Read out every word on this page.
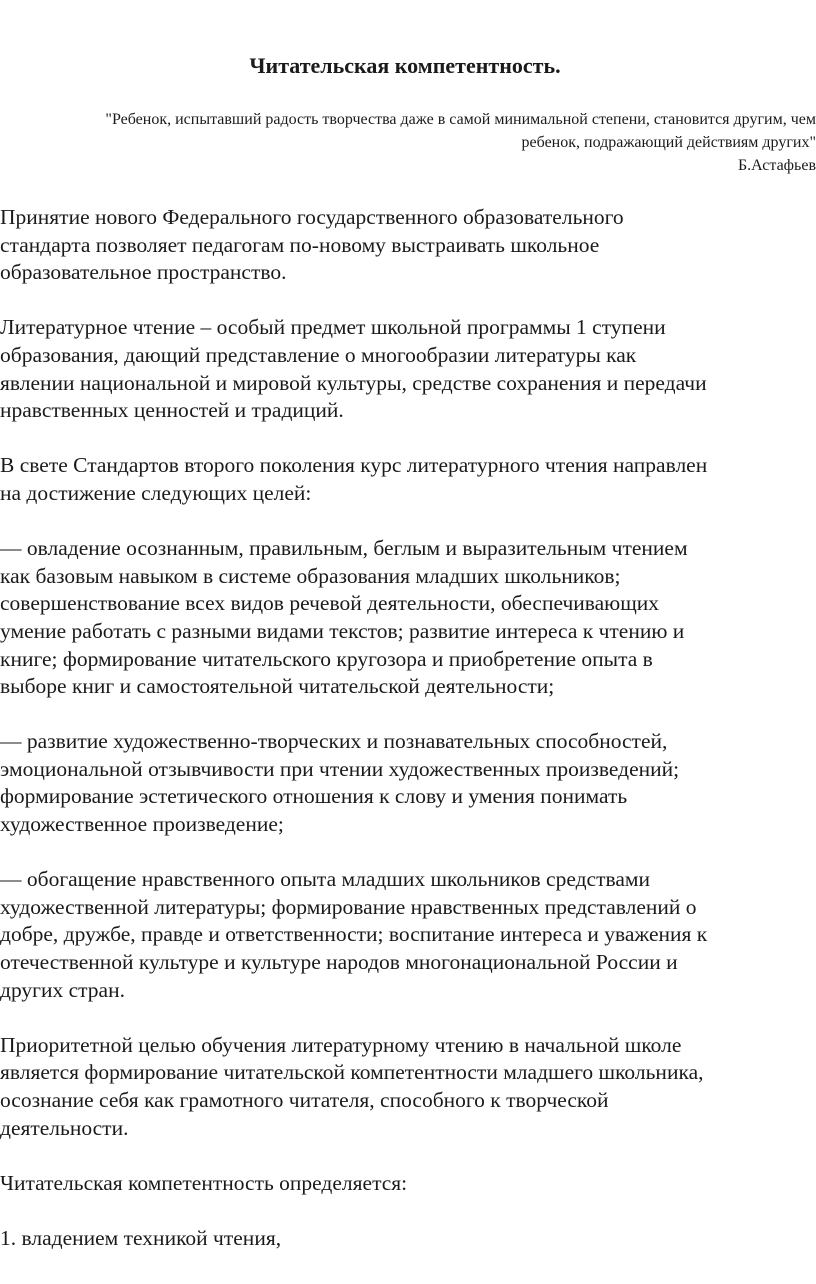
Читательская компетентность.
"Ребенок, испытавший радость творчества даже в самой минимальной степени, становится другим, чем
ребенок, подражающий действиям других"
Б.Астафьев

Принятие нового Федерального государственного образовательного
стандарта позволяет педагогам по-новому выстраивать школьное
образовательное пространство.

Литературное чтение – особый предмет школьной программы 1 ступени
образования, дающий представление о многообразии литературы как
явлении национальной и мировой культуры, средстве сохранения и передачи
нравственных ценностей и традиций.

В свете Стандартов второго поколения курс литературного чтения направлен
на достижение следующих целей:

— овладение осознанным, правильным, беглым и выразительным чтением
как базовым навыком в системе образования младших школьников;
совершенствование всех видов речевой деятельности, обеспечивающих
умение работать с разными видами текстов; развитие интереса к чтению и
книге; формирование читательского кругозора и приобретение опыта в
выборе книг и самостоятельной читательской деятельности;

— развитие художественно-творческих и познавательных способностей,
эмоциональной отзывчивости при чтении художественных произведений;
формирование эстетического отношения к слову и умения понимать
художественное произведение;

— обогащение нравственного опыта младших школьников средствами
художественной литературы; формирование нравственных представлений о
добре, дружбе, правде и ответственности; воспитание интереса и уважения к
отечественной культуре и культуре народов многонациональной России и
других стран.

Приоритетной целью обучения литературному чтению в начальной школе
является формирование читательской компетентности младшего школьника,
осознание себя как грамотного читателя, способного к творческой
деятельности.

Читательская компетентность определяется:

1. владением техникой чтения,
